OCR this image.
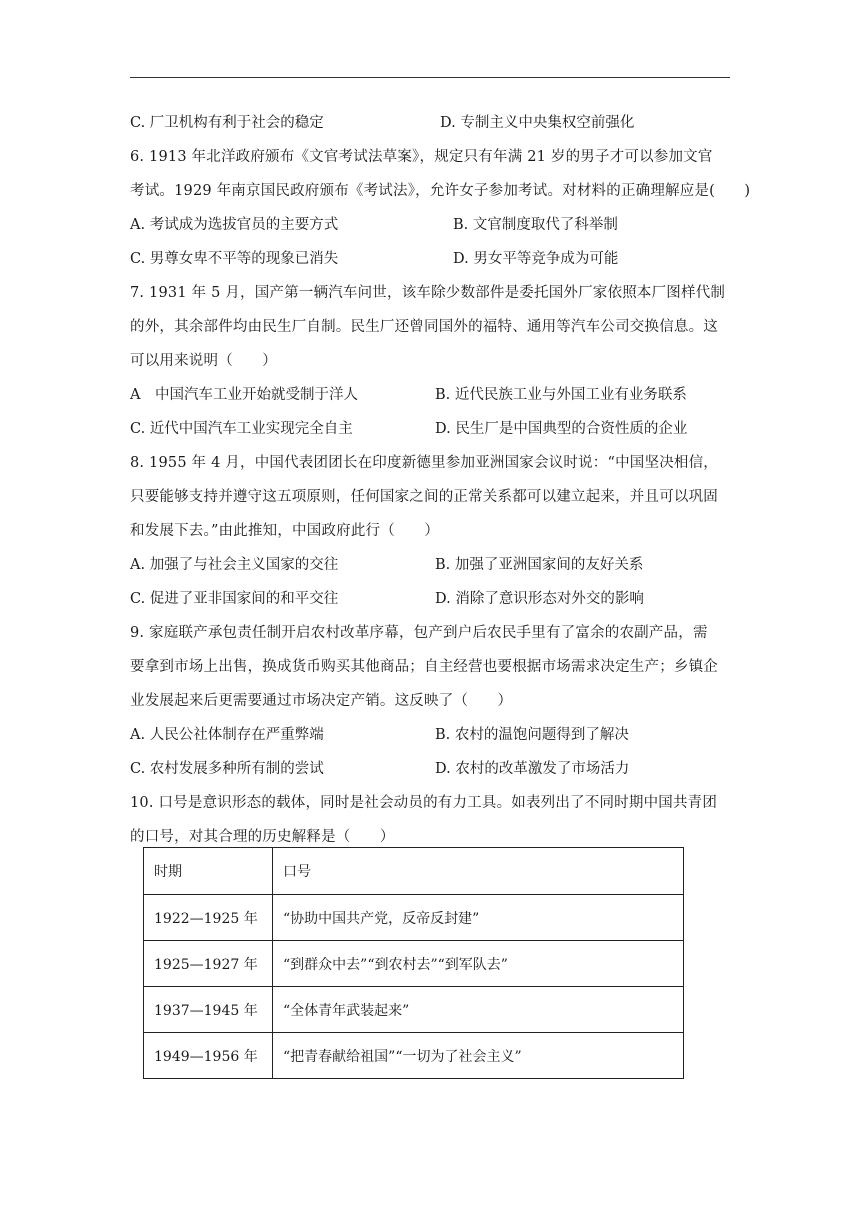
C. 厂卫机构有利于社会的稳定	D. 专制主义中央集权空前强化
6. 1913 年北洋政府颁布《文官考试法草案》，规定只有年满 21 岁的男子才可以参加文官
考试。1929 年南京国民政府颁布《考试法》，允许女子参加考试。对材料的正确理解应是(　　)
A. 考试成为选拔官员的主要方式	B. 文官制度取代了科举制
C. 男尊女卑不平等的现象已消失	D. 男女平等竞争成为可能
7. 1931 年 5 月，国产第一辆汽车问世，该车除少数部件是委托国外厂家依照本厂图样代制
的外，其余部件均由民生厂自制。民生厂还曾同国外的福特、通用等汽车公司交换信息。这
可以用来说明（　　）
A　中国汽车工业开始就受制于洋人	B. 近代民族工业与外国工业有业务联系
C. 近代中国汽车工业实现完全自主	D. 民生厂是中国典型的合资性质的企业
8. 1955 年 4 月，中国代表团团长在印度新德里参加亚洲国家会议时说：“中国坚决相信，
只要能够支持并遵守这五项原则，任何国家之间的正常关系都可以建立起来，并且可以巩固
和发展下去。”由此推知，中国政府此行（　　）
A. 加强了与社会主义国家的交往	B. 加强了亚洲国家间的友好关系
C. 促进了亚非国家间的和平交往	D. 消除了意识形态对外交的影响
9. 家庭联产承包责任制开启农村改革序幕，包产到户后农民手里有了富余的农副产品，需
要拿到市场上出售，换成货币购买其他商品；自主经营也要根据市场需求决定生产；乡镇企
业发展起来后更需要通过市场决定产销。这反映了（　　）
A. 人民公社体制存在严重弊端	B. 农村的温饱问题得到了解决
C. 农村发展多种所有制的尝试	D. 农村的改革激发了市场活力
10. 口号是意识形态的载体，同时是社会动员的有力工具。如表列出了不同时期中国共青团
的口号，对其合理的历史解释是（　　）
时期	口号
1922—1925 年	“协助中国共产党，反帝反封建”
1925—1927 年	“到群众中去”“到农村去”“到军队去”
1937—1945 年	“全体青年武装起来”
1949—1956 年	“把青春献给祖国”“一切为了社会主义”
